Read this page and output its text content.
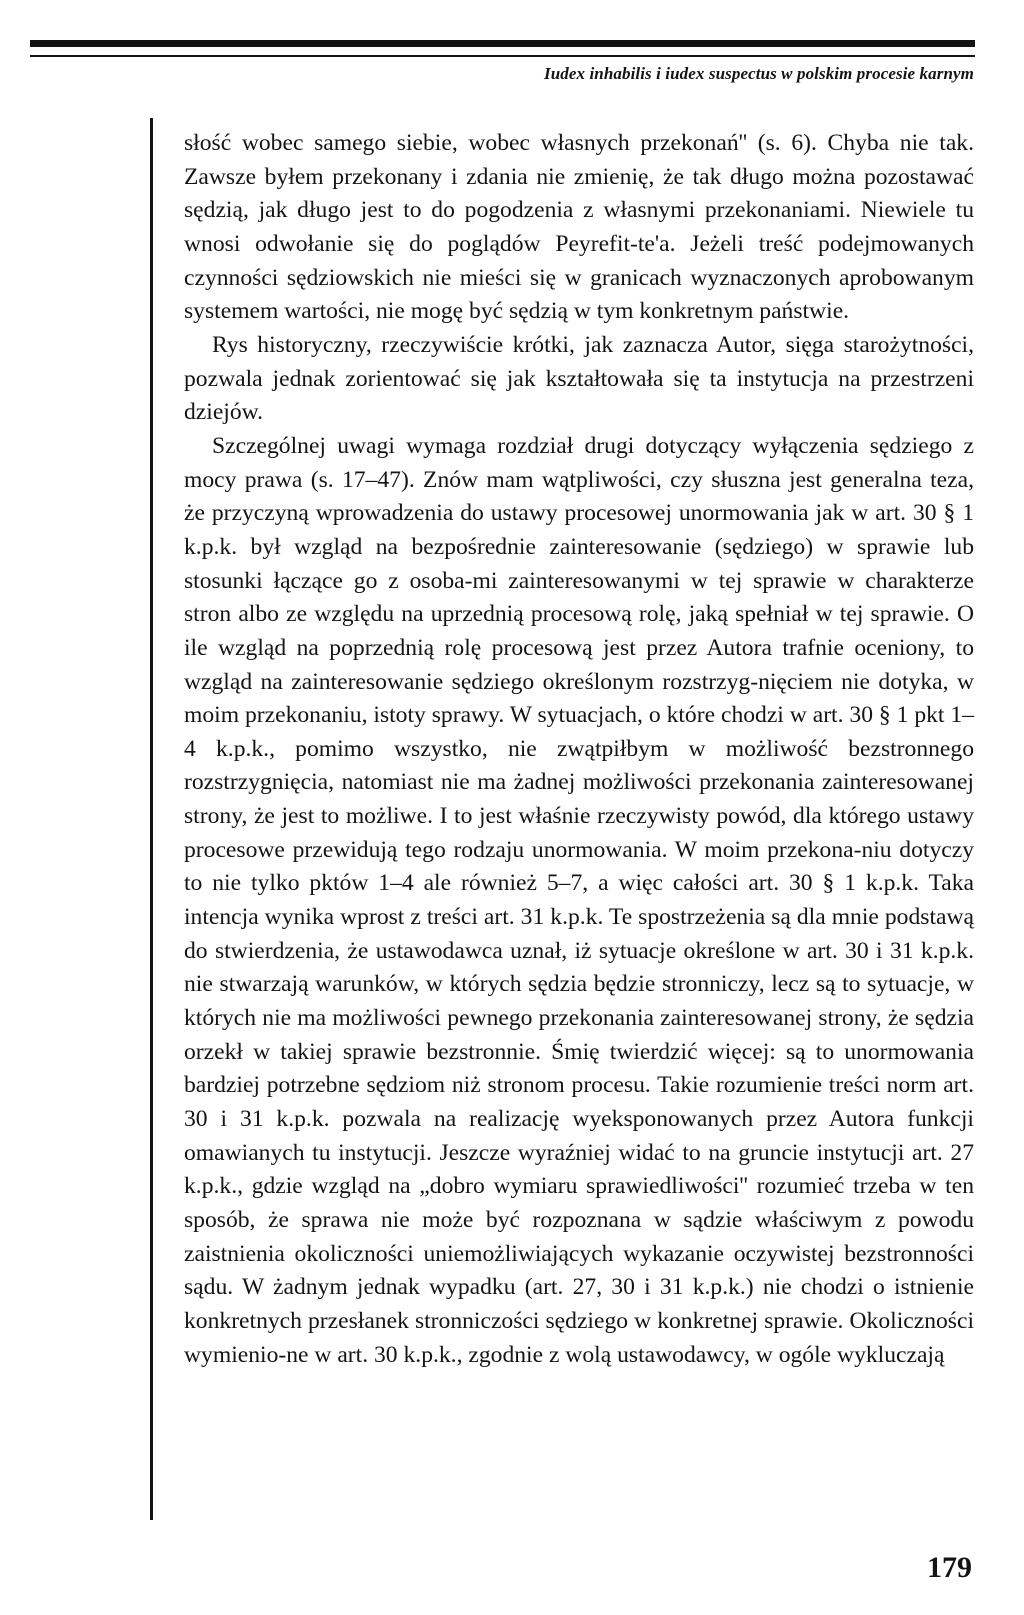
Iudex inhabilis i iudex suspectus w polskim procesie karnym

słość wobec samego siebie, wobec własnych przekonań'' (s. 6). Chyba nie tak. Zawsze byłem przekonany i zdania nie zmienię, że tak długo można pozostawać sędzią, jak długo jest to do pogodzenia z własnymi przekonaniami. Niewiele tu wnosi odwołanie się do poglądów Peyrefit-te'a. Jeżeli treść podejmowanych czynności sędziowskich nie mieści się w granicach wyznaczonych aprobowanym systemem wartości, nie mogę być sędzią w tym konkretnym państwie.

Rys historyczny, rzeczywiście krótki, jak zaznacza Autor, sięga starożytności, pozwala jednak zorientować się jak kształtowała się ta instytucja na przestrzeni dziejów.

Szczególnej uwagi wymaga rozdział drugi dotyczący wyłączenia sędziego z mocy prawa (s. 17–47). Znów mam wątpliwości, czy słuszna jest generalna teza, że przyczyną wprowadzenia do ustawy procesowej unormowania jak w art. 30 § 1 k.p.k. był wzgląd na bezpośrednie zainteresowanie (sędziego) w sprawie lub stosunki łączące go z osoba-mi zainteresowanymi w tej sprawie w charakterze stron albo ze względu na uprzednią procesową rolę, jaką spełniał w tej sprawie. O ile wzgląd na poprzednią rolę procesową jest przez Autora trafnie oceniony, to wzgląd na zainteresowanie sędziego określonym rozstrzyg-nięciem nie dotyka, w moim przekonaniu, istoty sprawy. W sytuacjach, o które chodzi w art. 30 § 1 pkt 1–4 k.p.k., pomimo wszystko, nie zwątpiłbym w możliwość bezstronnego rozstrzygnięcia, natomiast nie ma żadnej możliwości przekonania zainteresowanej strony, że jest to możliwe. I to jest właśnie rzeczywisty powód, dla którego ustawy procesowe przewidują tego rodzaju unormowania. W moim przekona-niu dotyczy to nie tylko pktów 1–4 ale również 5–7, a więc całości art. 30 § 1 k.p.k. Taka intencja wynika wprost z treści art. 31 k.p.k. Te spostrzeżenia są dla mnie podstawą do stwierdzenia, że ustawodawca uznał, iż sytuacje określone w art. 30 i 31 k.p.k. nie stwarzają warunków, w których sędzia będzie stronniczy, lecz są to sytuacje, w których nie ma możliwości pewnego przekonania zainteresowanej strony, że sędzia orzekł w takiej sprawie bezstronnie. Śmię twierdzić więcej: są to unormowania bardziej potrzebne sędziom niż stronom procesu. Takie rozumienie treści norm art. 30 i 31 k.p.k. pozwala na realizację wyeksponowanych przez Autora funkcji omawianych tu instytucji. Jeszcze wyraźniej widać to na gruncie instytucji art. 27 k.p.k., gdzie wzgląd na „dobro wymiaru sprawiedliwości'' rozumieć trzeba w ten sposób, że sprawa nie może być rozpoznana w sądzie właściwym z powodu zaistnienia okoliczności uniemożliwiających wykazanie oczywistej bezstronności sądu. W żadnym jednak wypadku (art. 27, 30 i 31 k.p.k.) nie chodzi o istnienie konkretnych przesłanek stronniczości sędziego w konkretnej sprawie. Okoliczności wymienio-ne w art. 30 k.p.k., zgodnie z wolą ustawodawcy, w ogóle wykluczają

179
